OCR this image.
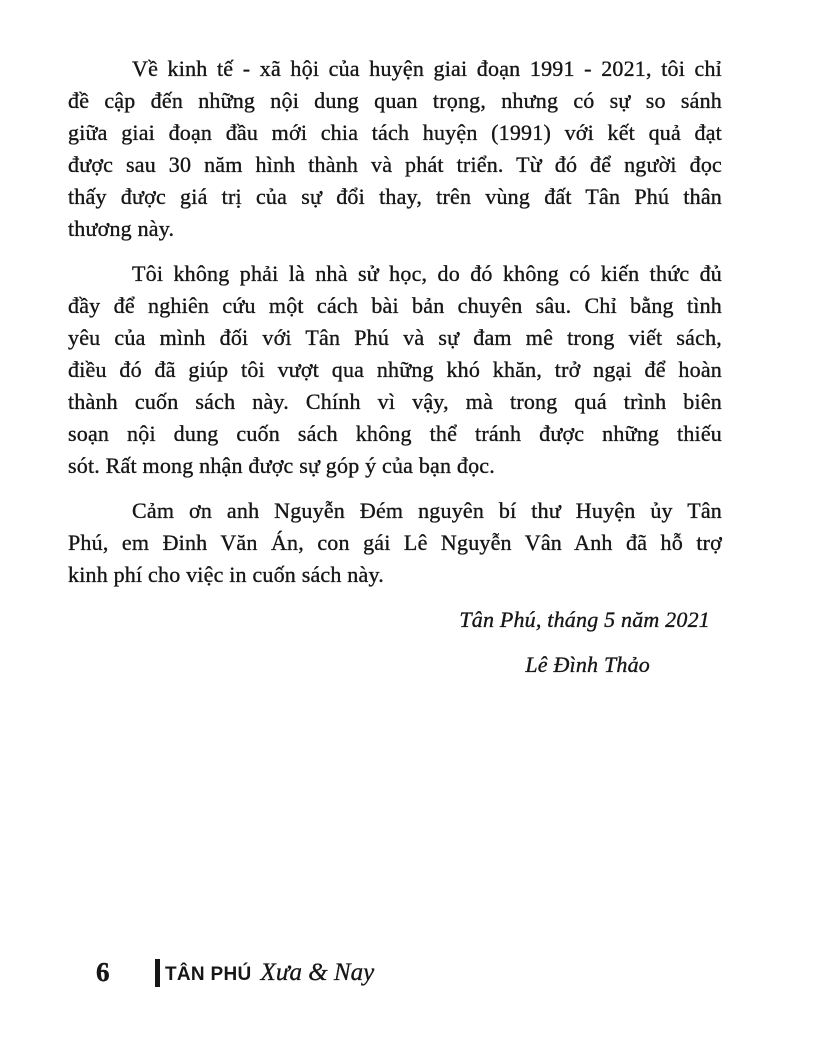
Về kinh tế - xã hội của huyện giai đoạn 1991 - 2021, tôi chỉ
đề cập đến những nội dung quan trọng, nhưng có sự so sánh
giữa giai đoạn đầu mới chia tách huyện (1991) với kết quả đạt
được sau 30 năm hình thành và phát triển. Từ đó để người đọc
thấy được giá trị của sự đổi thay, trên vùng đất Tân Phú thân
thương này.
Tôi không phải là nhà sử học, do đó không có kiến thức đủ
đầy để nghiên cứu một cách bài bản chuyên sâu. Chỉ bằng tình
yêu của mình đối với Tân Phú và sự đam mê trong viết sách,
điều đó đã giúp tôi vượt qua những khó khăn, trở ngại để hoàn
thành cuốn sách này. Chính vì vậy, mà trong quá trình biên
soạn nội dung cuốn sách không thể tránh được những thiếu
sót. Rất mong nhận được sự góp ý của bạn đọc.
Cảm ơn anh Nguyễn Đém nguyên bí thư Huyện ủy Tân
Phú, em Đinh Văn Án, con gái Lê Nguyễn Vân Anh đã hỗ trợ
kinh phí cho việc in cuốn sách này.
Tân Phú, tháng 5 năm 2021
Lê Đình Thảo
6	TÂN PHÚ Xưa & Nay
